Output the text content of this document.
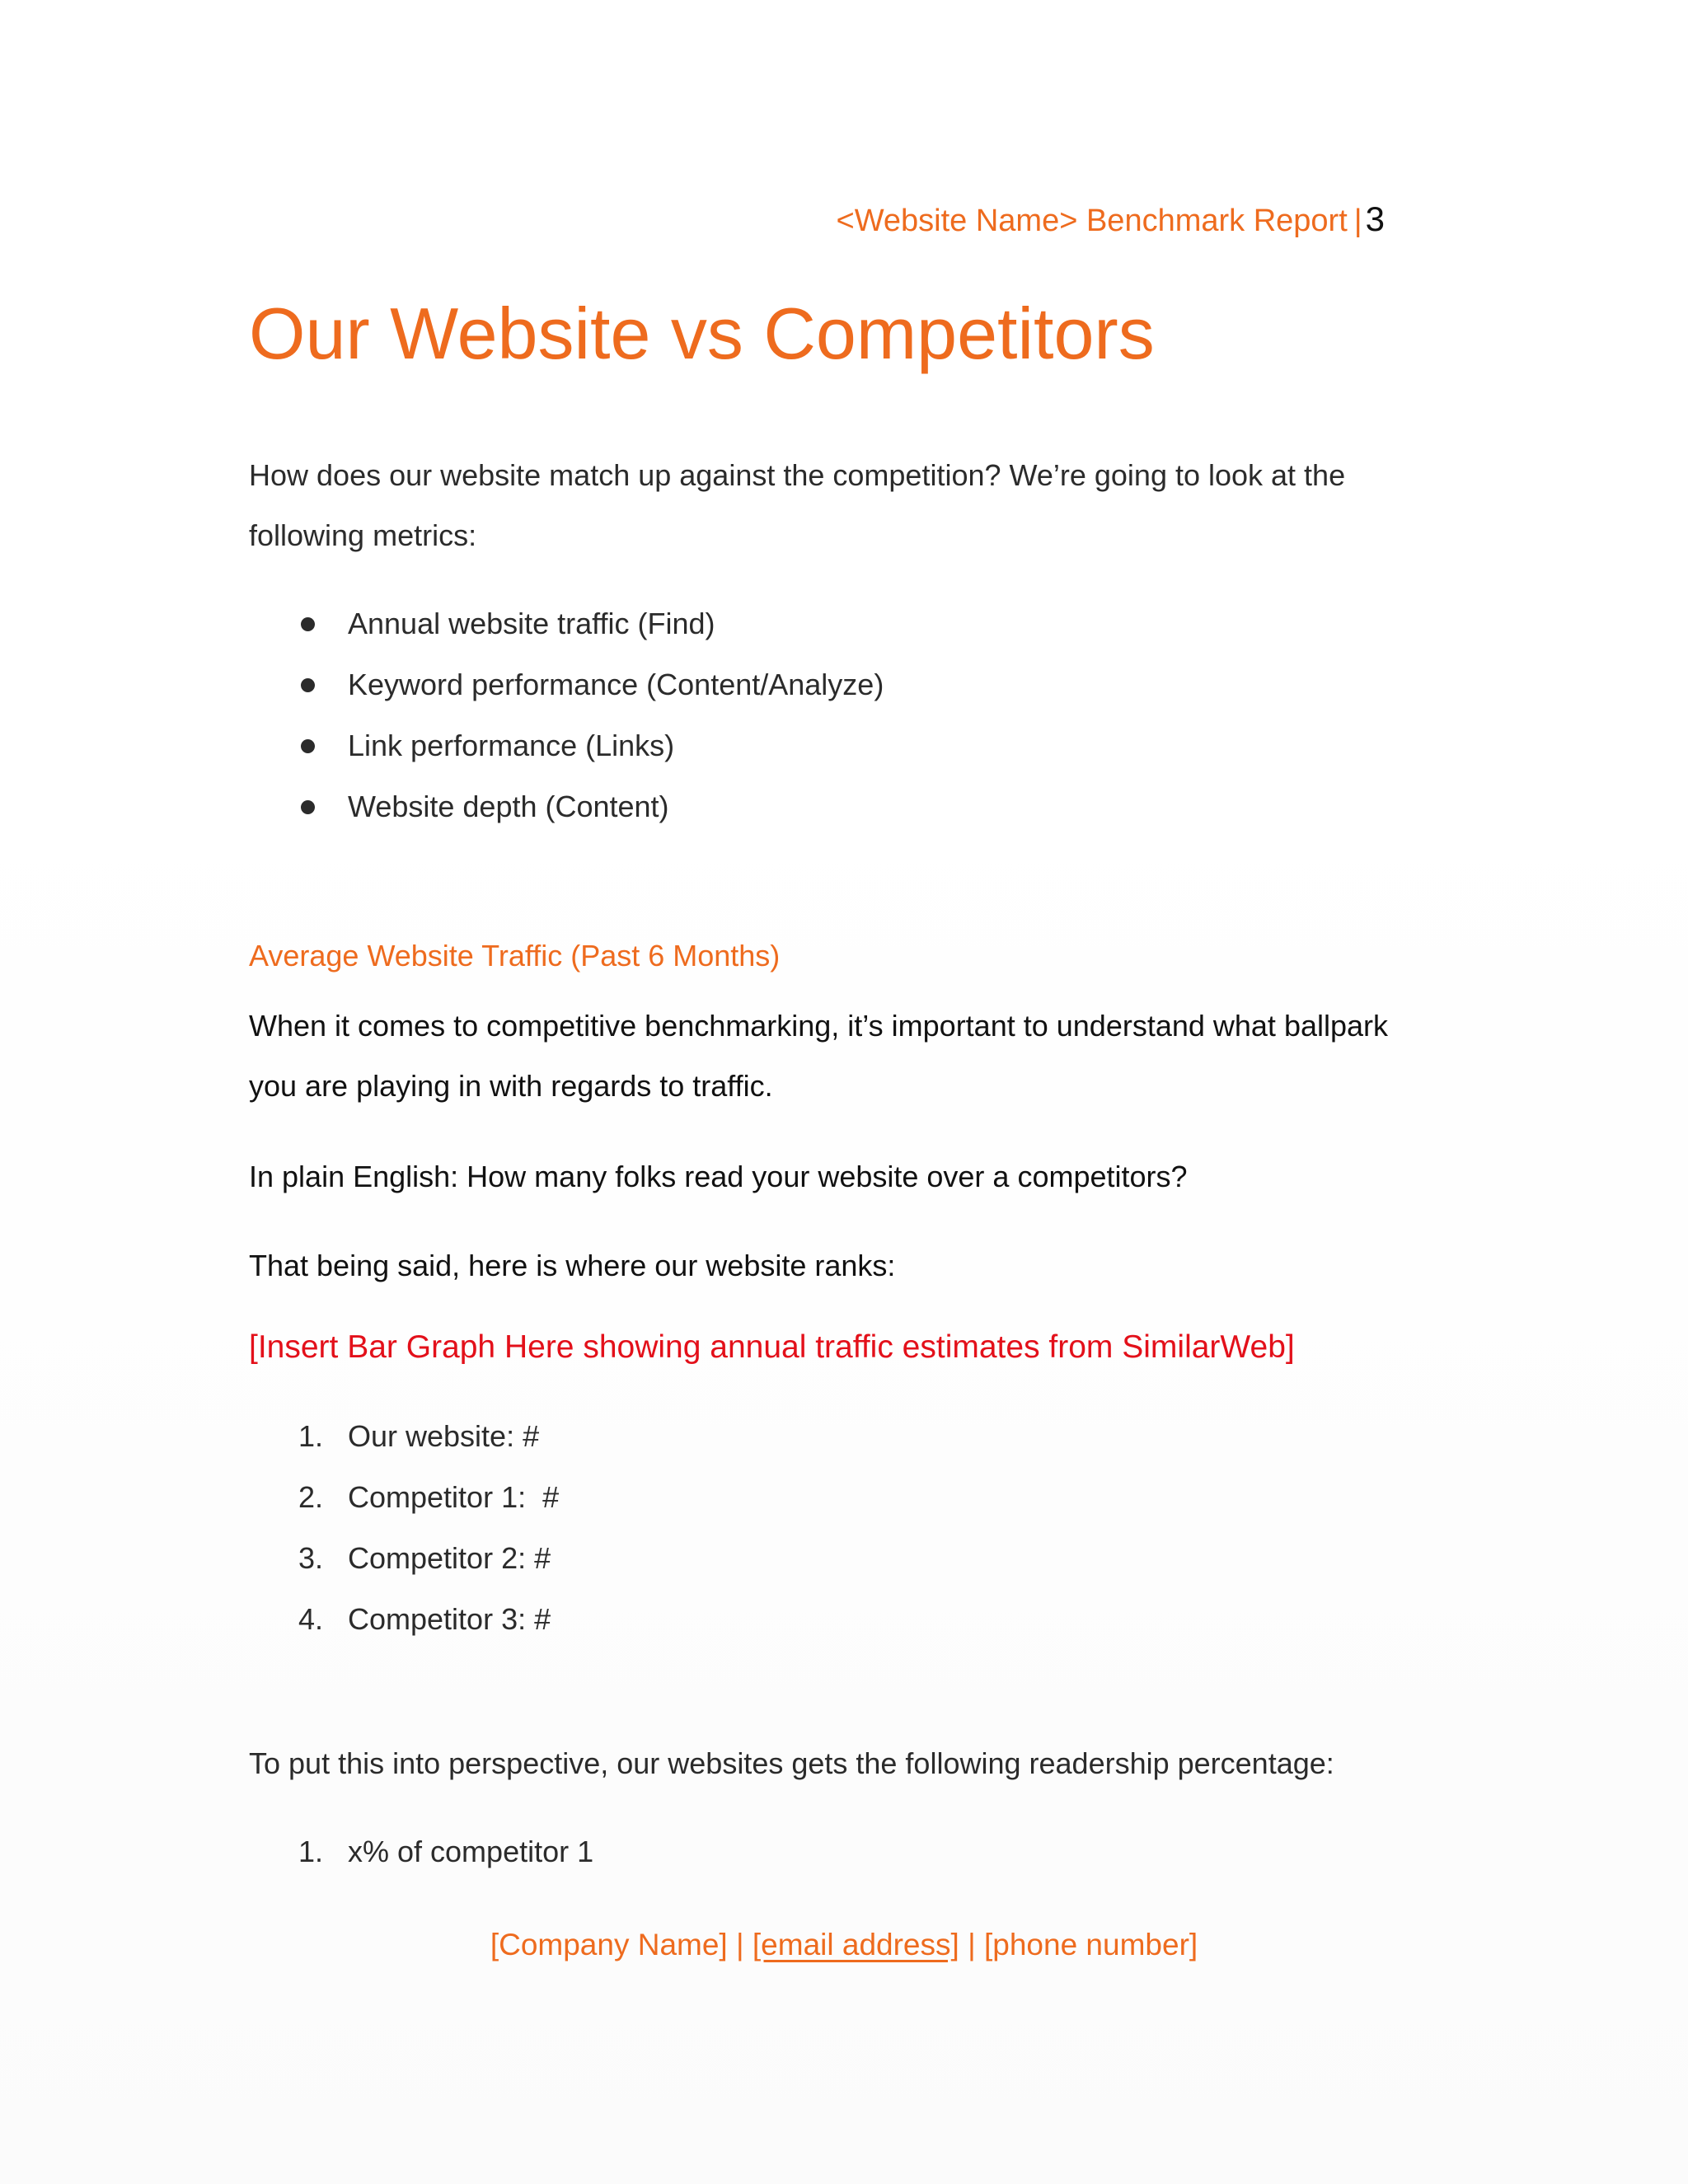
<Website Name> Benchmark Report |3
Our Website vs Competitors

How does our website match up against the competition? We’re going to look at the following metrics:

Annual website traffic (Find)
Keyword performance (Content/Analyze)
Link performance (Links)
Website depth (Content)
Average Website Traffic (Past 6 Months)

When it comes to competitive benchmarking, it’s important to understand what ballpark you are playing in with regards to traffic.

In plain English: How many folks read your website over a competitors?

That being said, here is where our website ranks:

[Insert Bar Graph Here showing annual traffic estimates from SimilarWeb]

1. Our website: #
2. Competitor 1:  #
3. Competitor 2: #
4. Competitor 3: #

To put this into perspective, our websites gets the following readership percentage:

1. x% of competitor 1
[Company Name] | [email address] | [phone number]
